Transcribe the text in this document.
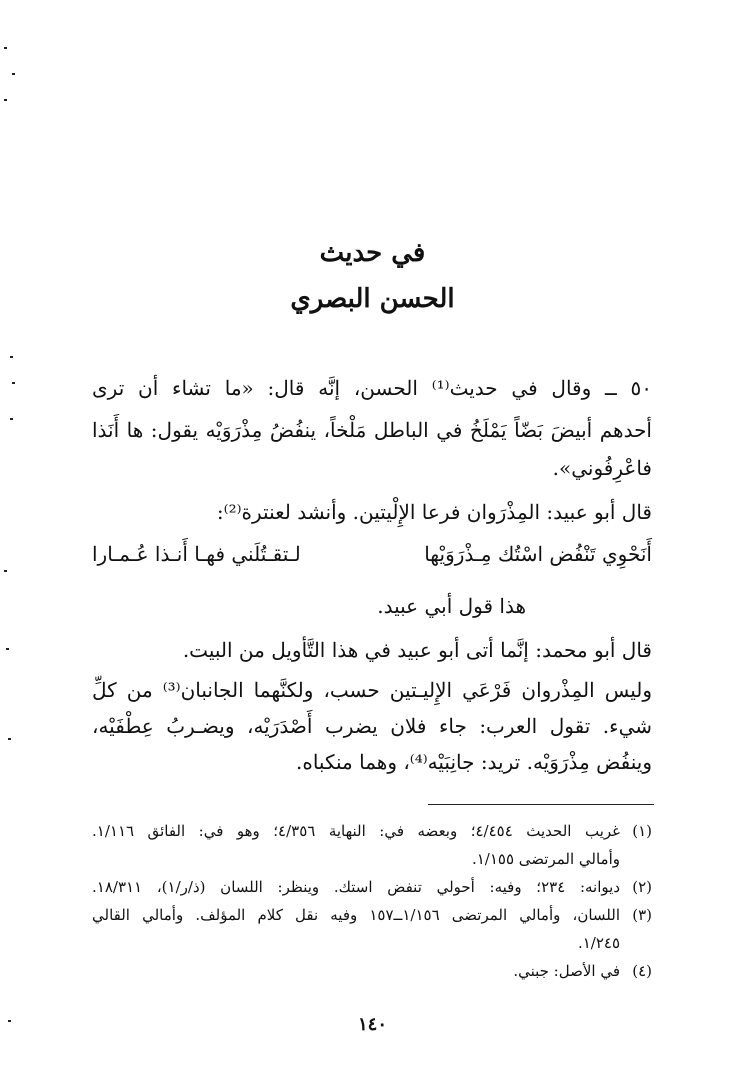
في حديث
الحسن البصري
٥٠ ــ وقال في حديث⁽¹⁾ الحسن، إنَّه قال: «ما تشاء أن ترى
أحدهم أبيضَ بَضّاً يَمْلَخُ في الباطل مَلْخاً، ينفُضُ مِذْرَوَيْه يقول: ها أَنَذا
فاعْرِفُوني».
قال أبو عبيد: المِذْرَوان فرعا الإِلْيتين. وأنشد لعنترة⁽²⁾:
أَنَحْوِي تَنْفُض اسْتُك مِـذْرَوَيْها
لـتقـتُلَني فهـا أَنـذا عُـمـارا
هذا قول أبي عبيد.
قال أبو محمد: إنَّما أتى أبو عبيد في هذا التَّأويل من البيت.
وليس المِذْروان فَرْعَي الإِليـتين حسب، ولكنَّهما الجانبان⁽³⁾ من كلِّ
شيء. تقول العرب: جاء فلان يضرب أَصْدَرَيْه، ويضـربُ عِطْفَيْه،
وينفُض مِذْرَوَيْه. تريد: جانِبَيْه⁽⁴⁾، وهما منكباه.
(١)
غريب الحديث ٤/٤٥٤؛ وبعضه في: النهاية ٤/٣٥٦؛ وهو في: الفائق ١/١١٦.
وأمالي المرتضى ١/١٥٥.
(٢)
ديوانه: ٢٣٤؛ وفيه: أحولي تنفض استك. وينظر: اللسان (ذ/ر/١)، ١٨/٣١١.
(٣)
اللسان، وأمالي المرتضى ١/١٥٦ــ١٥٧ وفيه نقل كلام المؤلف. وأمالي القالي
١/٢٤٥.
(٤)
في الأصل: جبني.
١٤٠
